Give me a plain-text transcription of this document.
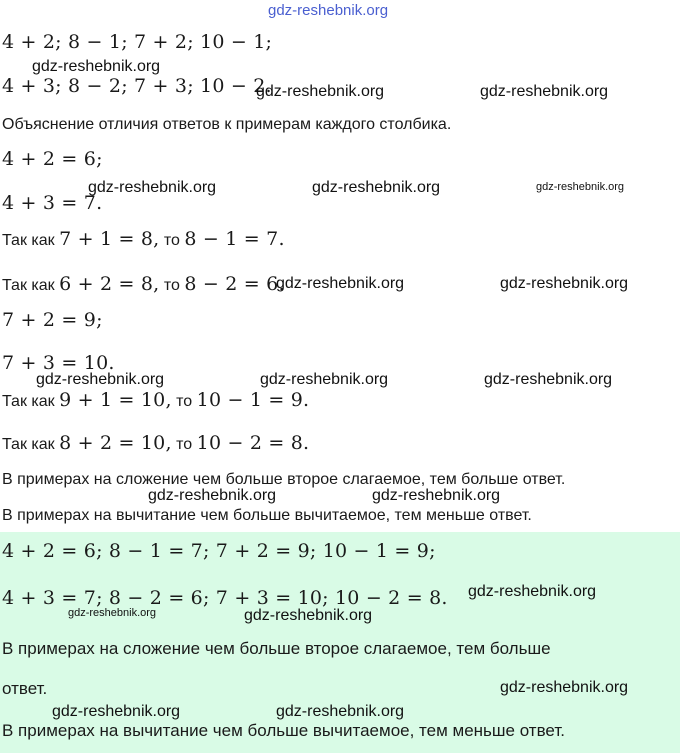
gdz-reshebnik.org
4 + 2; 8 − 1; 7 + 2; 10 − 1;
gdz-reshebnik.org
4 + 3; 8 − 2; 7 + 3; 10 − 2.
gdz-reshebnik.org	gdz-reshebnik.org
Объяснение отличия ответов к примерам каждого столбика.
4 + 2 = 6;
4 + 3 = 7.
gdz-reshebnik.org	gdz-reshebnik.org	gdz-reshebnik.org
Так как 7 + 1 = 8, то 8 − 1 = 7.
Так как 6 + 2 = 8, то 8 − 2 = 6.
gdz-reshebnik.org	gdz-reshebnik.org
7 + 2 = 9;
7 + 3 = 10.
gdz-reshebnik.org	gdz-reshebnik.org	gdz-reshebnik.org
Так как 9 + 1 = 10, то 10 − 1 = 9.
Так как 8 + 2 = 10, то 10 − 2 = 8.
В примерах на сложение чем больше второе слагаемое, тем больше ответ.
gdz-reshebnik.org	gdz-reshebnik.org
В примерах на вычитание чем больше вычитаемое, тем меньше ответ.
4 + 2 = 6; 8 − 1 = 7; 7 + 2 = 9; 10 − 1 = 9;
4 + 3 = 7; 8 − 2 = 6; 7 + 3 = 10; 10 − 2 = 8. gdz-reshebnik.org
gdz-reshebnik.org	gdz-reshebnik.org
В примерах на сложение чем больше второе слагаемое, тем больше
ответ.	gdz-reshebnik.org
gdz-reshebnik.org	gdz-reshebnik.org
В примерах на вычитание чем больше вычитаемое, тем меньше ответ.
